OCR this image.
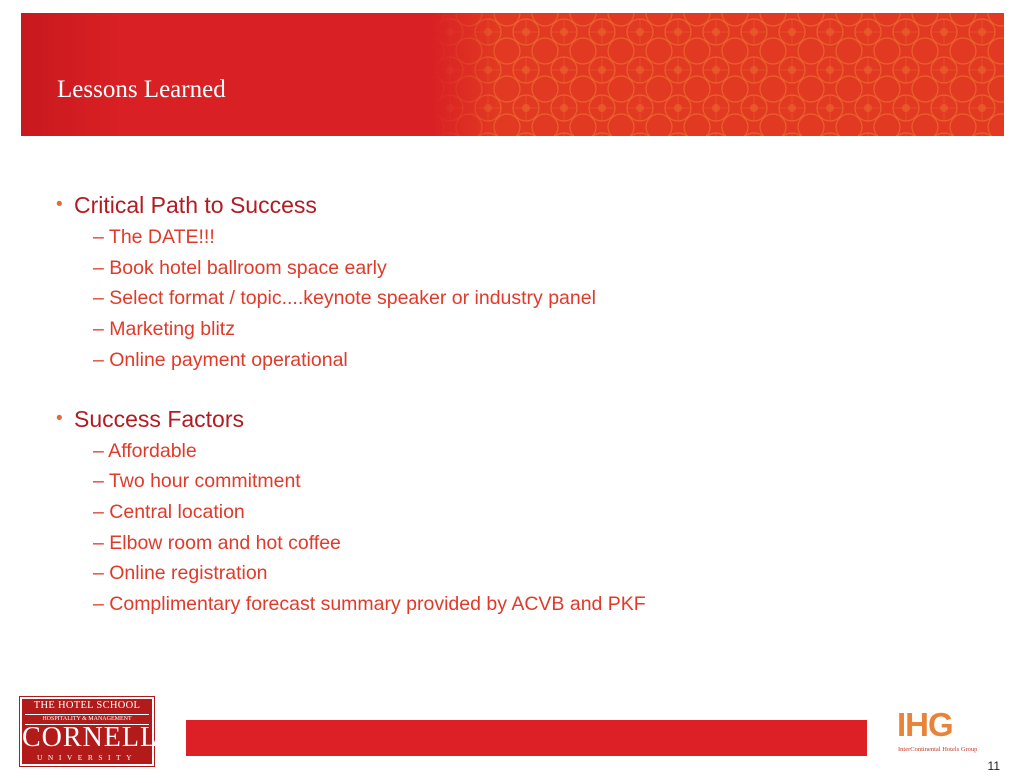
Lessons Learned
• Critical Path to Success
– The DATE!!!
– Book hotel ballroom space early
– Select format / topic....keynote speaker or industry panel
– Marketing blitz
– Online payment operational
• Success Factors
– Affordable
– Two hour commitment
– Central location
– Elbow room and hot coffee
– Online registration
– Complimentary forecast summary provided by ACVB and PKF
THE HOTEL SCHOOL
HOSPITALITY & MANAGEMENT
CORNELL
UNIVERSITY
IHG
InterContinental Hotels Group
11
